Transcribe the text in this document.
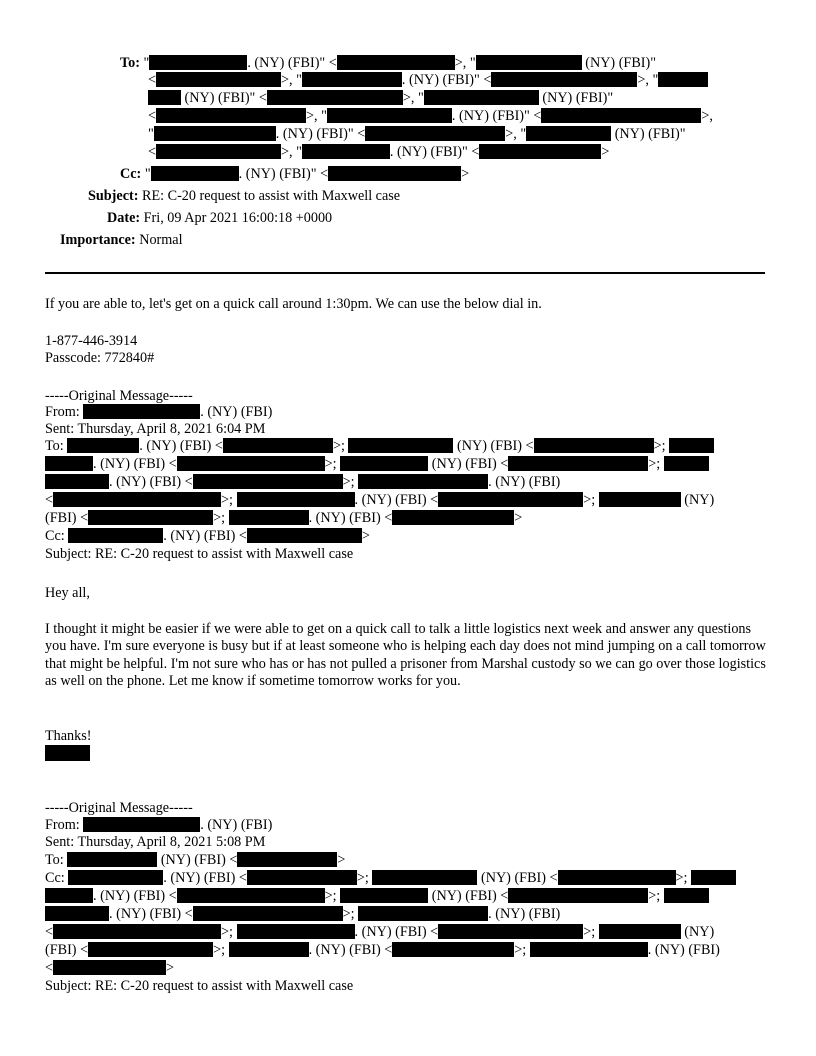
To: "	. (NY) (FBI)" <	>, "	(NY) (FBI)"
<	>, "	. (NY) (FBI)" <	>, "
(NY) (FBI)" <	>, "	(NY) (FBI)"
<	>, "	. (NY) (FBI)" <	>,
"	. (NY) (FBI)" <	>, "	(NY) (FBI)"
<	>, "	. (NY) (FBI)" <	>
Cc: "	. (NY) (FBI)" <	>
Subject: RE: C-20 request to assist with Maxwell case
Date: Fri, 09 Apr 2021 16:00:18 +0000
Importance: Normal
If you are able to, let's get on a quick call around 1:30pm. We can use the below dial in.
1-877-446-3914
Passcode: 772840#
-----Original Message-----
From:	. (NY) (FBI)
Sent: Thursday, April 8, 2021 6:04 PM
To:	. (NY) (FBI) <	>;	(NY) (FBI) <	>;
. (NY) (FBI) <	>;	(NY) (FBI) <	>;
. (NY) (FBI) <	>;	. (NY) (FBI)
<	>;	. (NY) (FBI) <	>;	(NY)
(FBI) <	>;	. (NY) (FBI) <	>
Cc:	. (NY) (FBI) <	>
Subject: RE: C-20 request to assist with Maxwell case
Hey all,
I thought it might be easier if we were able to get on a quick call to talk a little logistics next week and answer any questions you have. I'm sure everyone is busy but if at least someone who is helping each day does not mind jumping on a call tomorrow that might be helpful. I'm not sure who has or has not pulled a prisoner from Marshal custody so we can go over those logistics as well on the phone. Let me know if sometime tomorrow works for you.
Thanks!
-----Original Message-----
From:	. (NY) (FBI)
Sent: Thursday, April 8, 2021 5:08 PM
To:	(NY) (FBI) <	>
Cc:	. (NY) (FBI) <	>;	(NY) (FBI) <	>;
. (NY) (FBI) <	>;	(NY) (FBI) <	>;
. (NY) (FBI) <	>;	. (NY) (FBI)
<	>;	. (NY) (FBI) <	>;	(NY)
(FBI) <	>;	. (NY) (FBI) <	>;	. (NY) (FBI)
<	>
Subject: RE: C-20 request to assist with Maxwell case
